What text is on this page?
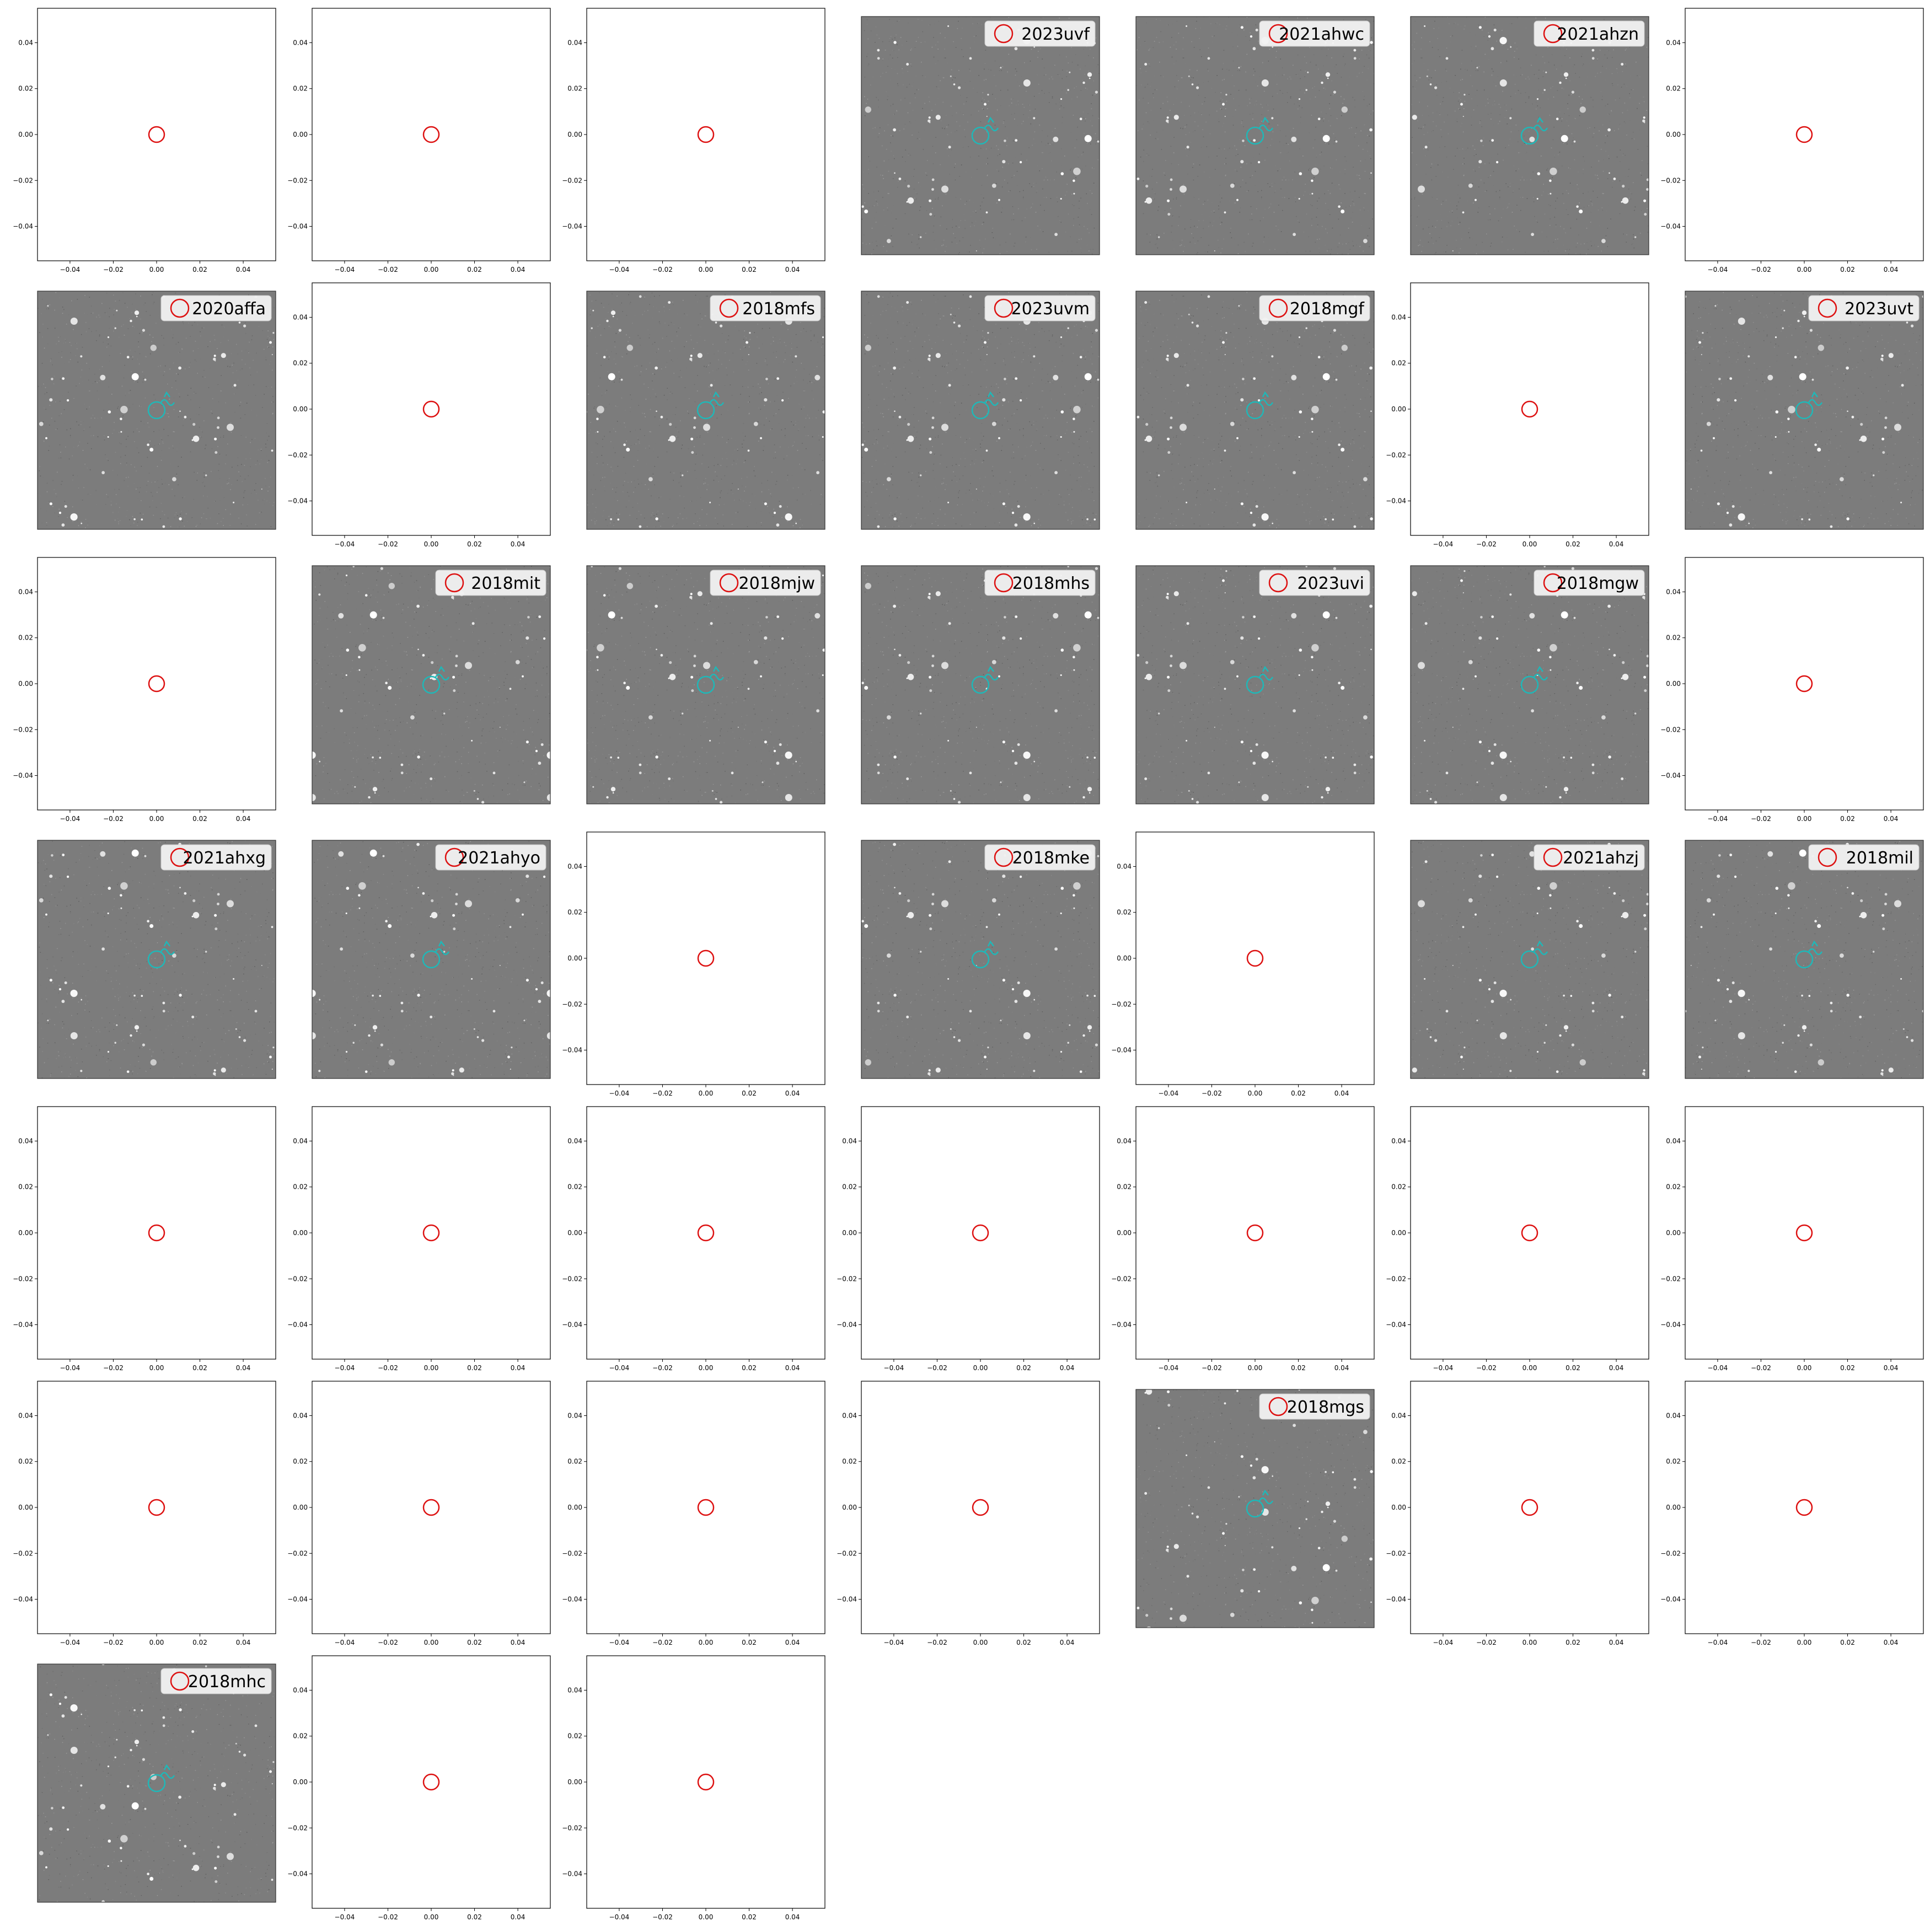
−0.04	−0.02	0.00	0.02	0.04
0.04
0.02
0.00
−0.02
−0.04
−0.04	−0.02	0.00	0.02	0.04
0.04
0.02
0.00
−0.02
−0.04
−0.04	−0.02	0.00	0.02	0.04
0.04
0.02
0.00
−0.02
−0.04
2023uvf	2021ahwc	2021ahzn
−0.04	−0.02	0.00	0.02	0.04
0.04
0.02
0.00
−0.02
−0.04
2020affa
−0.04	−0.02	0.00	0.02	0.04
0.04
0.02
0.00
−0.02
−0.04
2018mfs	2023uvm	2018mgf
−0.04	−0.02	0.00	0.02	0.04
0.04
0.02
0.00
−0.02
−0.04
2023uvt
−0.04	−0.02	0.00	0.02	0.04
0.04
0.02
0.00
−0.02
−0.04
2018mit	2018mjw	2018mhs	2023uvi	2018mgw
−0.04	−0.02	0.00	0.02	0.04
0.04
0.02
0.00
−0.02
−0.04
2021ahxg	2021ahyo
−0.04	−0.02	0.00	0.02	0.04
0.04
0.02
0.00
−0.02
−0.04
2018mke
−0.04	−0.02	0.00	0.02	0.04
0.04
0.02
0.00
−0.02
−0.04
2021ahzj	2018mil
−0.04	−0.02	0.00	0.02	0.04
0.04
0.02
0.00
−0.02
−0.04
−0.04	−0.02	0.00	0.02	0.04
0.04
0.02
0.00
−0.02
−0.04
−0.04	−0.02	0.00	0.02	0.04
0.04
0.02
0.00
−0.02
−0.04
−0.04	−0.02	0.00	0.02	0.04
0.04
0.02
0.00
−0.02
−0.04
−0.04	−0.02	0.00	0.02	0.04
0.04
0.02
0.00
−0.02
−0.04
−0.04	−0.02	0.00	0.02	0.04
0.04
0.02
0.00
−0.02
−0.04
−0.04	−0.02	0.00	0.02	0.04
0.04
0.02
0.00
−0.02
−0.04
−0.04	−0.02	0.00	0.02	0.04
0.04
0.02
0.00
−0.02
−0.04
−0.04	−0.02	0.00	0.02	0.04
0.04
0.02
0.00
−0.02
−0.04
−0.04	−0.02	0.00	0.02	0.04
0.04
0.02
0.00
−0.02
−0.04
−0.04	−0.02	0.00	0.02	0.04
0.04
0.02
0.00
−0.02
−0.04
2018mgs
−0.04	−0.02	0.00	0.02	0.04
0.04
0.02
0.00
−0.02
−0.04
−0.04	−0.02	0.00	0.02	0.04
0.04
0.02
0.00
−0.02
−0.04
2018mhc
−0.04	−0.02	0.00	0.02	0.04
0.04
0.02
0.00
−0.02
−0.04
−0.04	−0.02	0.00	0.02	0.04
0.04
0.02
0.00
−0.02
−0.04
